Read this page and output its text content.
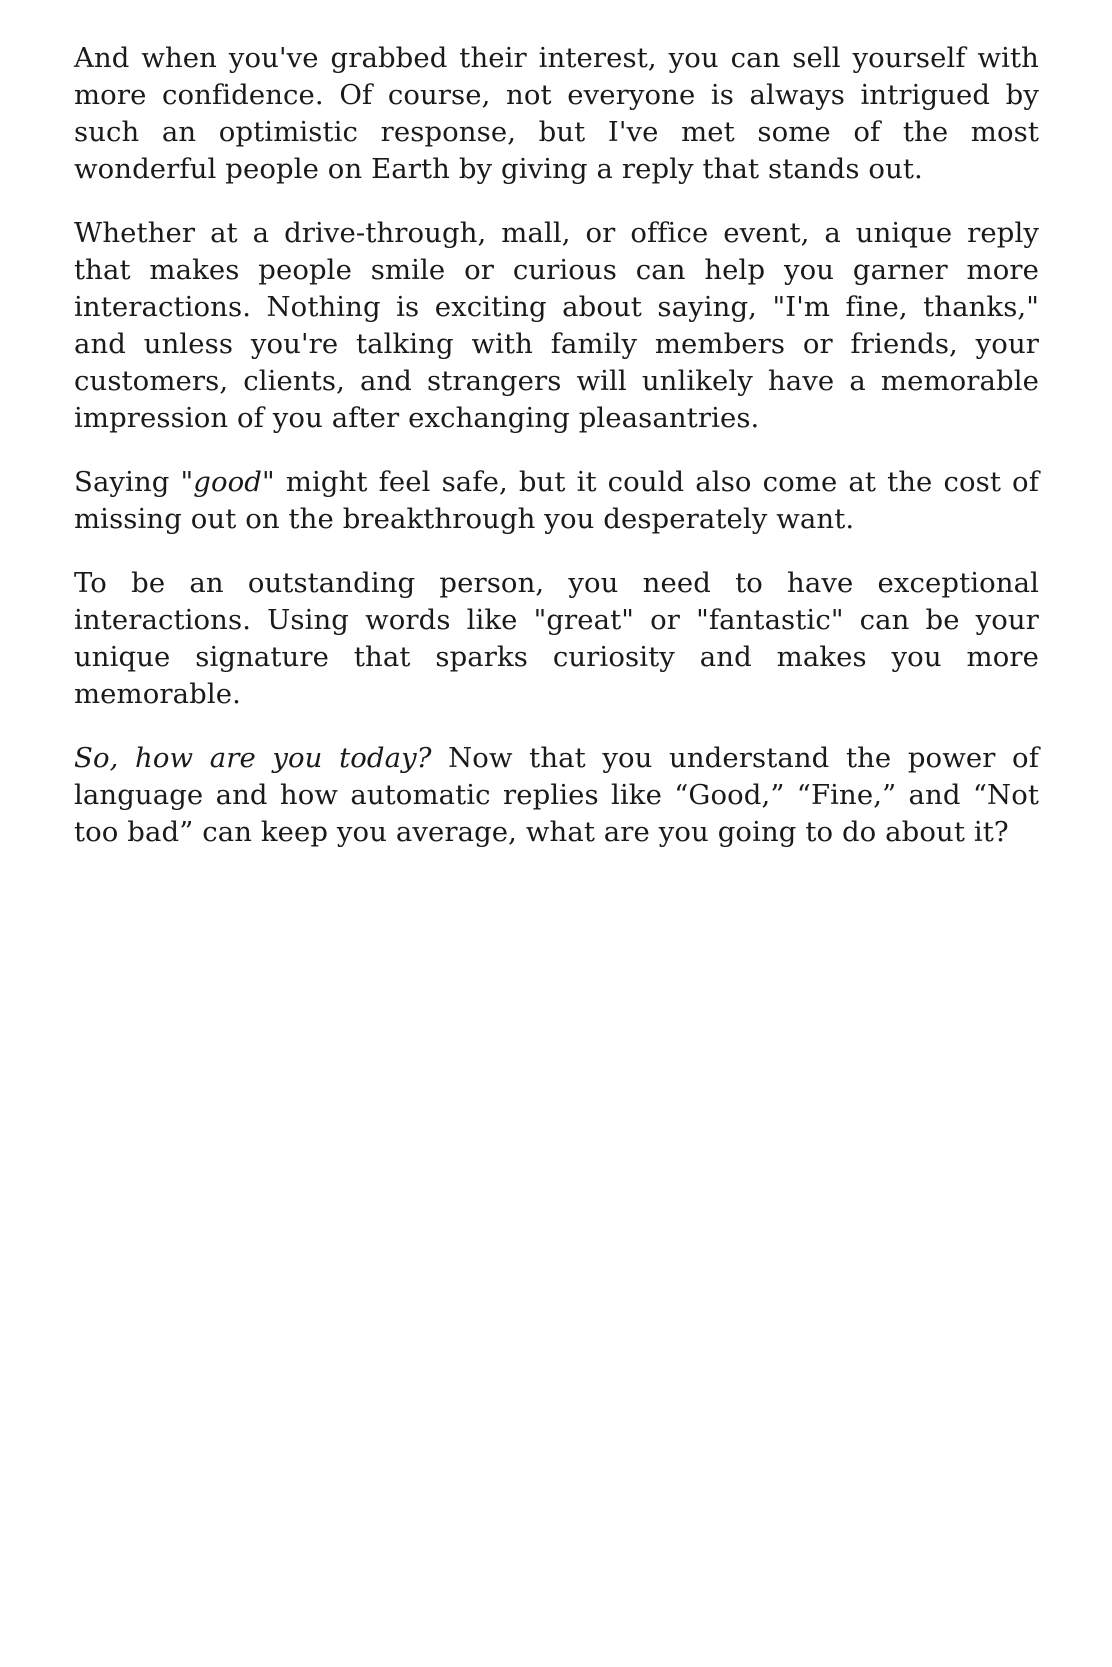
And when you've grabbed their interest, you can sell yourself with more confidence. Of course, not everyone is always intrigued by such an optimistic response, but I've met some of the most wonderful people on Earth by giving a reply that stands out.

Whether at a drive-through, mall, or office event, a unique reply that makes people smile or curious can help you garner more interactions. Nothing is exciting about saying, "I'm fine, thanks," and unless you're talking with family members or friends, your customers, clients, and strangers will unlikely have a memorable impression of you after exchanging pleasantries.

Saying "good" might feel safe, but it could also come at the cost of missing out on the breakthrough you desperately want.

To be an outstanding person, you need to have exceptional interactions. Using words like "great" or "fantastic" can be your unique signature that sparks curiosity and makes you more memorable.

So, how are you today? Now that you understand the power of language and how automatic replies like “Good,” “Fine,” and “Not too bad” can keep you average, what are you going to do about it?
